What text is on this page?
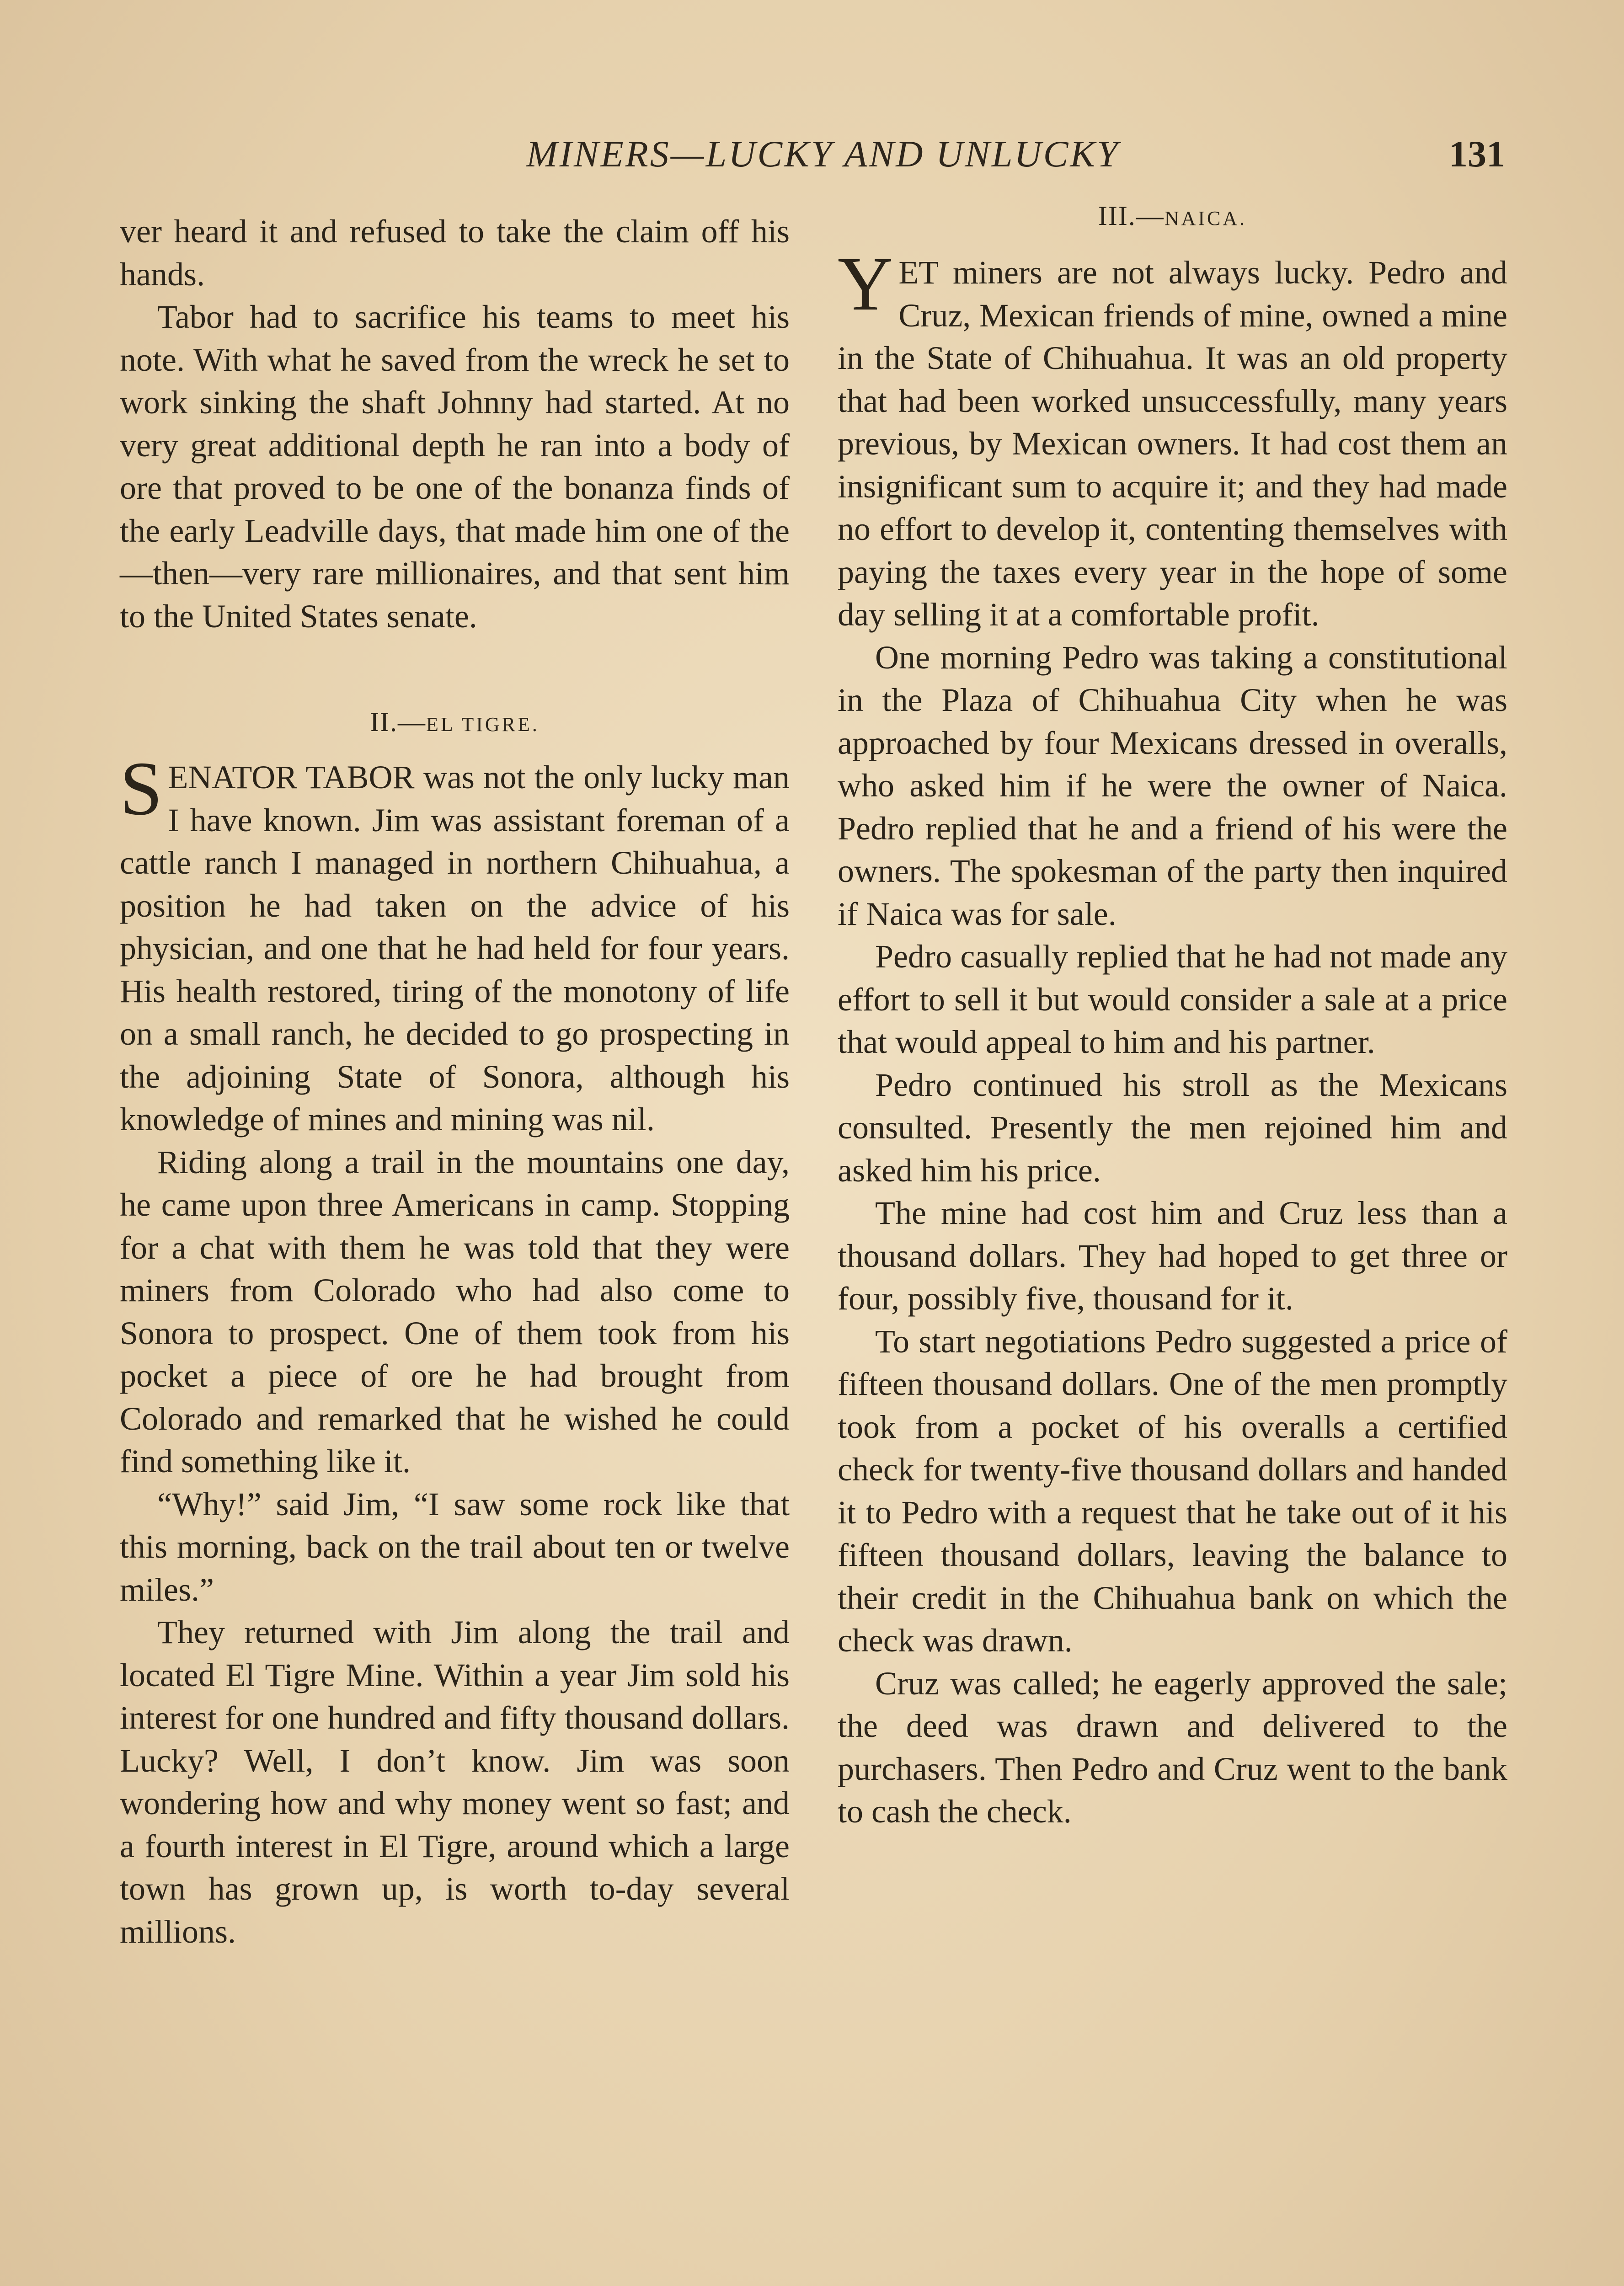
MINERS—LUCKY AND UNLUCKY	131

ver heard it and refused to take the claim off his hands.

Tabor had to sacrifice his teams to meet his note. With what he saved from the wreck he set to work sinking the shaft Johnny had started. At no very great additional depth he ran into a body of ore that proved to be one of the bonanza finds of the early Leadville days, that made him one of the—then—very rare millionaires, and that sent him to the United States senate.

II.—EL TIGRE.

SENATOR TABOR was not the only lucky man I have known. Jim was assistant foreman of a cattle ranch I managed in northern Chihuahua, a position he had taken on the advice of his physician, and one that he had held for four years. His health restored, tiring of the monotony of life on a small ranch, he decided to go prospecting in the adjoining State of Sonora, although his knowledge of mines and mining was nil.

Riding along a trail in the mountains one day, he came upon three Americans in camp. Stopping for a chat with them he was told that they were miners from Colorado who had also come to Sonora to prospect. One of them took from his pocket a piece of ore he had brought from Colorado and remarked that he wished he could find something like it.

“Why!” said Jim, “I saw some rock like that this morning, back on the trail about ten or twelve miles.”

They returned with Jim along the trail and located El Tigre Mine. Within a year Jim sold his interest for one hundred and fifty thousand dollars. Lucky? Well, I don’t know. Jim was soon wondering how and why money went so fast; and a fourth interest in El Tigre, around which a large town has grown up, is worth to-day several millions.

III.—NAICA.

YET miners are not always lucky. Pedro and Cruz, Mexican friends of mine, owned a mine in the State of Chihuahua. It was an old property that had been worked unsuccessfully, many years previous, by Mexican owners. It had cost them an insignificant sum to acquire it; and they had made no effort to develop it, contenting themselves with paying the taxes every year in the hope of some day selling it at a comfortable profit.

One morning Pedro was taking a constitutional in the Plaza of Chihuahua City when he was approached by four Mexicans dressed in overalls, who asked him if he were the owner of Naica. Pedro replied that he and a friend of his were the owners. The spokesman of the party then inquired if Naica was for sale.

Pedro casually replied that he had not made any effort to sell it but would consider a sale at a price that would appeal to him and his partner.

Pedro continued his stroll as the Mexicans consulted. Presently the men rejoined him and asked him his price.

The mine had cost him and Cruz less than a thousand dollars. They had hoped to get three or four, possibly five, thousand for it.

To start negotiations Pedro suggested a price of fifteen thousand dollars. One of the men promptly took from a pocket of his overalls a certified check for twenty-five thousand dollars and handed it to Pedro with a request that he take out of it his fifteen thousand dollars, leaving the balance to their credit in the Chihuahua bank on which the check was drawn.

Cruz was called; he eagerly approved the sale; the deed was drawn and delivered to the purchasers. Then Pedro and Cruz went to the bank to cash the check.
